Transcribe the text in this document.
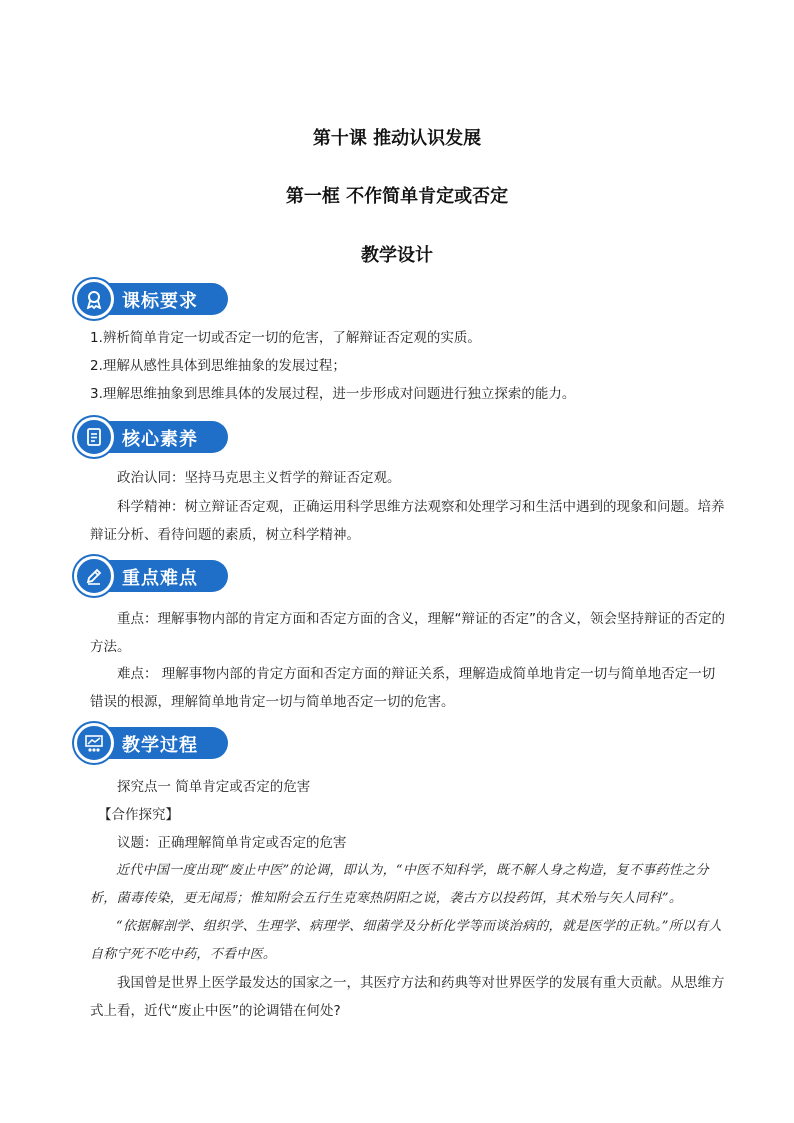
第十课 推动认识发展
第一框 不作简单肯定或否定
教学设计
课标要求
1.辨析简单肯定一切或否定一切的危害，了解辩证否定观的实质。
2.理解从感性具体到思维抽象的发展过程；
3.理解思维抽象到思维具体的发展过程，进一步形成对问题进行独立探索的能力。
核心素养
政治认同：坚持马克思主义哲学的辩证否定观。
科学精神：树立辩证否定观，正确运用科学思维方法观察和处理学习和生活中遇到的现象和问题。培养辩证分析、看待问题的素质，树立科学精神。
重点难点
重点：理解事物内部的肯定方面和否定方面的含义，理解“辩证的否定”的含义，领会坚持辩证的否定的方法。
难点： 理解事物内部的肯定方面和否定方面的辩证关系，理解造成简单地肯定一切与简单地否定一切错误的根源，理解简单地肯定一切与简单地否定一切的危害。
教学过程
探究点一 简单肯定或否定的危害
【合作探究】
议题：正确理解简单肯定或否定的危害
近代中国一度出现“废止中医”的论调，即认为，“中医不知科学，既不解人身之构造，复不事药性之分析，菌毒传染，更无闻焉；惟知附会五行生克寒热阴阳之说，袭古方以投药饵，其术殆与矢人同科”。
“依据解剖学、组织学、生理学、病理学、细菌学及分析化学等而谈治病的，就是医学的正轨。”所以有人自称宁死不吃中药，不看中医。
我国曾是世界上医学最发达的国家之一，其医疗方法和药典等对世界医学的发展有重大贡献。从思维方式上看，近代“废止中医”的论调错在何处?
